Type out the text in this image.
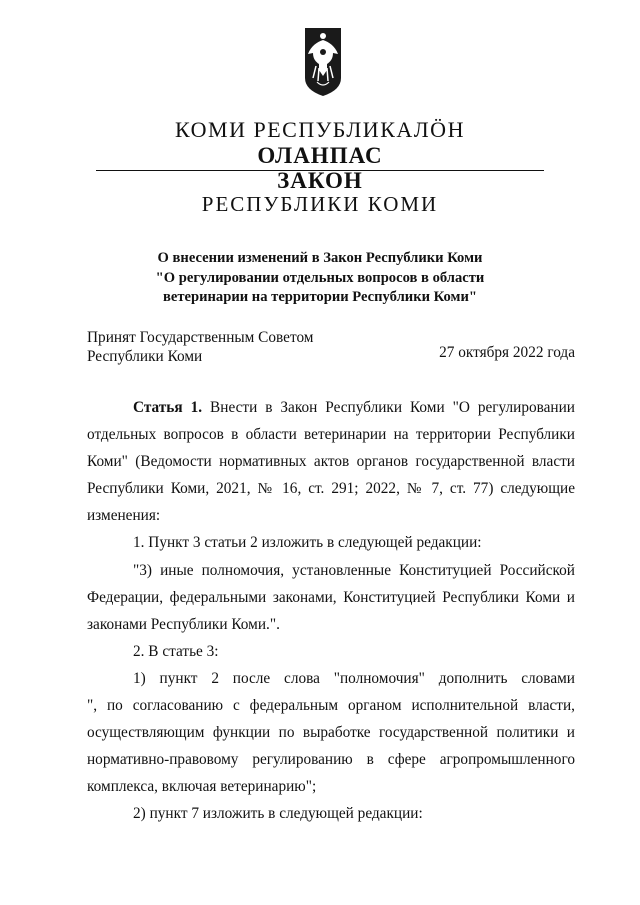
КОМИ РЕСПУБЛИКАЛӦН
ОЛАНПАС
ЗАКОН
РЕСПУБЛИКИ КОМИ
О внесении изменений в Закон Республики Коми
"О регулировании отдельных вопросов в области
ветеринарии на территории Республики Коми"
Принят Государственным Советом
Республики Коми	27 октября 2022 года
Статья 1. Внести в Закон Республики Коми "О регулировании
отдельных вопросов в области ветеринарии на территории Республики
Коми" (Ведомости нормативных актов органов государственной власти
Республики Коми, 2021, № 16, ст. 291; 2022, № 7, ст. 77) следующие
изменения:
1. Пункт 3 статьи 2 изложить в следующей редакции:
"3) иные полномочия, установленные Конституцией Российской
Федерации, федеральными законами, Конституцией Республики Коми и
законами Республики Коми.".
2. В статье 3:
1) пункт 2 после слова "полномочия" дополнить словами
", по согласованию с федеральным органом исполнительной власти,
осуществляющим функции по выработке государственной политики и
нормативно-правовому регулированию в сфере агропромышленного
комплекса, включая ветеринарию";
2) пункт 7 изложить в следующей редакции:
